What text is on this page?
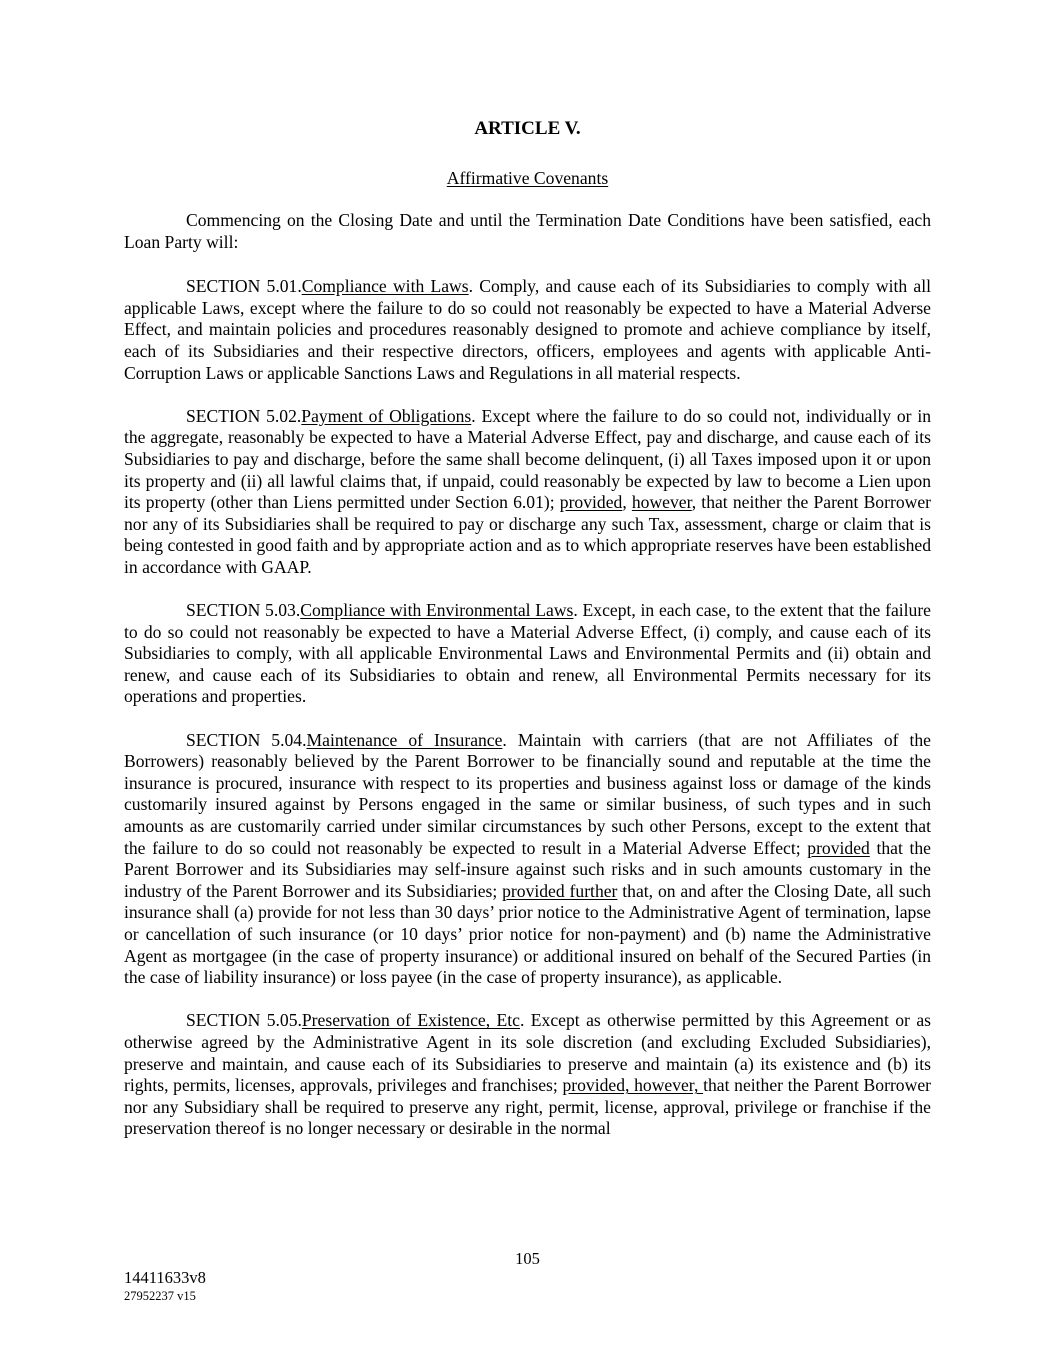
ARTICLE V.
Affirmative Covenants

Commencing on the Closing Date and until the Termination Date Conditions have been satisfied, each Loan Party will:

SECTION 5.01.Compliance with Laws. Comply, and cause each of its Subsidiaries to comply with all applicable Laws, except where the failure to do so could not reasonably be expected to have a Material Adverse Effect, and maintain policies and procedures reasonably designed to promote and achieve compliance by itself, each of its Subsidiaries and their respective directors, officers, employees and agents with applicable Anti-Corruption Laws or applicable Sanctions Laws and Regulations in all material respects.

SECTION 5.02.Payment of Obligations. Except where the failure to do so could not, individually or in the aggregate, reasonably be expected to have a Material Adverse Effect, pay and discharge, and cause each of its Subsidiaries to pay and discharge, before the same shall become delinquent, (i) all Taxes imposed upon it or upon its property and (ii) all lawful claims that, if unpaid, could reasonably be expected by law to become a Lien upon its property (other than Liens permitted under Section 6.01); provided, however, that neither the Parent Borrower nor any of its Subsidiaries shall be required to pay or discharge any such Tax, assessment, charge or claim that is being contested in good faith and by appropriate action and as to which appropriate reserves have been established in accordance with GAAP.

SECTION 5.03.Compliance with Environmental Laws. Except, in each case, to the extent that the failure to do so could not reasonably be expected to have a Material Adverse Effect, (i) comply, and cause each of its Subsidiaries to comply, with all applicable Environmental Laws and Environmental Permits and (ii) obtain and renew, and cause each of its Subsidiaries to obtain and renew, all Environmental Permits necessary for its operations and properties.

SECTION 5.04.Maintenance of Insurance. Maintain with carriers (that are not Affiliates of the Borrowers) reasonably believed by the Parent Borrower to be financially sound and reputable at the time the insurance is procured, insurance with respect to its properties and business against loss or damage of the kinds customarily insured against by Persons engaged in the same or similar business, of such types and in such amounts as are customarily carried under similar circumstances by such other Persons, except to the extent that the failure to do so could not reasonably be expected to result in a Material Adverse Effect; provided that the Parent Borrower and its Subsidiaries may self-insure against such risks and in such amounts customary in the industry of the Parent Borrower and its Subsidiaries; provided further that, on and after the Closing Date, all such insurance shall (a) provide for not less than 30 days’ prior notice to the Administrative Agent of termination, lapse or cancellation of such insurance (or 10 days’ prior notice for non-payment) and (b) name the Administrative Agent as mortgagee (in the case of property insurance) or additional insured on behalf of the Secured Parties (in the case of liability insurance) or loss payee (in the case of property insurance), as applicable.

SECTION 5.05.Preservation of Existence, Etc. Except as otherwise permitted by this Agreement or as otherwise agreed by the Administrative Agent in its sole discretion (and excluding Excluded Subsidiaries), preserve and maintain, and cause each of its Subsidiaries to preserve and maintain (a) its existence and (b) its rights, permits, licenses, approvals, privileges and franchises; provided, however, that neither the Parent Borrower nor any Subsidiary shall be required to preserve any right, permit, license, approval, privilege or franchise if the preservation thereof is no longer necessary or desirable in the normal

105
14411633v8
27952237 v15
